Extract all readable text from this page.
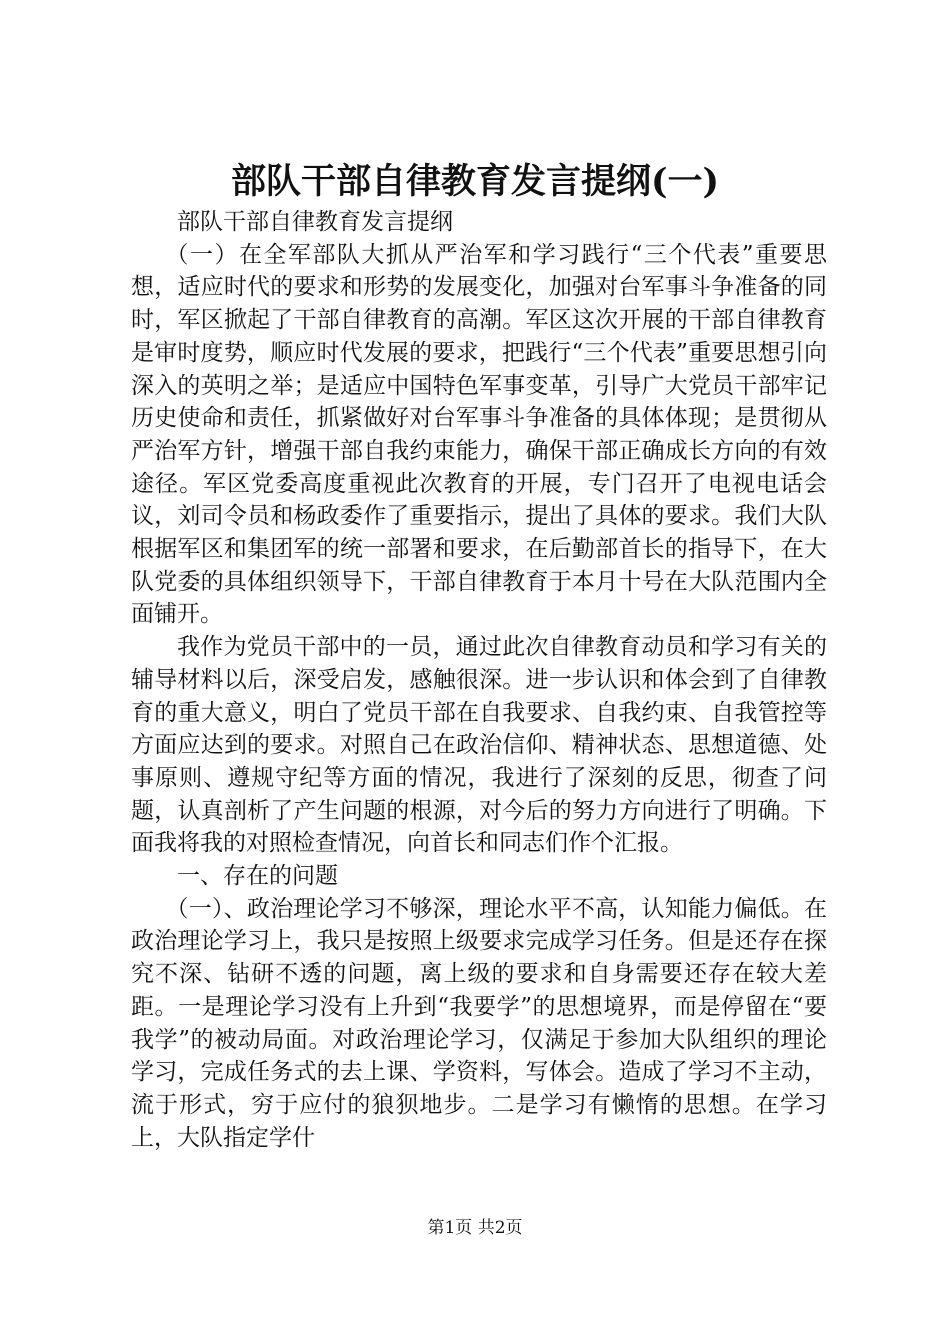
部队干部自律教育发言提纲(一)

部队干部自律教育发言提纲

（一）在全军部队大抓从严治军和学习践行“三个代表”重要思想，适应时代的要求和形势的发展变化，加强对台军事斗争准备的同时，军区掀起了干部自律教育的高潮。军区这次开展的干部自律教育是审时度势，顺应时代发展的要求，把践行“三个代表”重要思想引向深入的英明之举；是适应中国特色军事变革，引导广大党员干部牢记历史使命和责任，抓紧做好对台军事斗争准备的具体体现；是贯彻从严治军方针，增强干部自我约束能力，确保干部正确成长方向的有效途径。军区党委高度重视此次教育的开展，专门召开了电视电话会议，刘司令员和杨政委作了重要指示，提出了具体的要求。我们大队根据军区和集团军的统一部署和要求，在后勤部首长的指导下，在大队党委的具体组织领导下，干部自律教育于本月十号在大队范围内全面铺开。

我作为党员干部中的一员，通过此次自律教育动员和学习有关的辅导材料以后，深受启发，感触很深。进一步认识和体会到了自律教育的重大意义，明白了党员干部在自我要求、自我约束、自我管控等方面应达到的要求。对照自己在政治信仰、精神状态、思想道德、处事原则、遵规守纪等方面的情况，我进行了深刻的反思，彻查了问题，认真剖析了产生问题的根源，对今后的努力方向进行了明确。下面我将我的对照检查情况，向首长和同志们作个汇报。

一、存在的问题

（一）、政治理论学习不够深，理论水平不高，认知能力偏低。在政治理论学习上，我只是按照上级要求完成学习任务。但是还存在探究不深、钻研不透的问题，离上级的要求和自身需要还存在较大差距。一是理论学习没有上升到“我要学”的思想境界，而是停留在“要我学”的被动局面。对政治理论学习，仅满足于参加大队组织的理论学习，完成任务式的去上课、学资料，写体会。造成了学习不主动，流于形式，穷于应付的狼狈地步。二是学习有懒惰的思想。在学习上，大队指定学什

第1页 共2页
